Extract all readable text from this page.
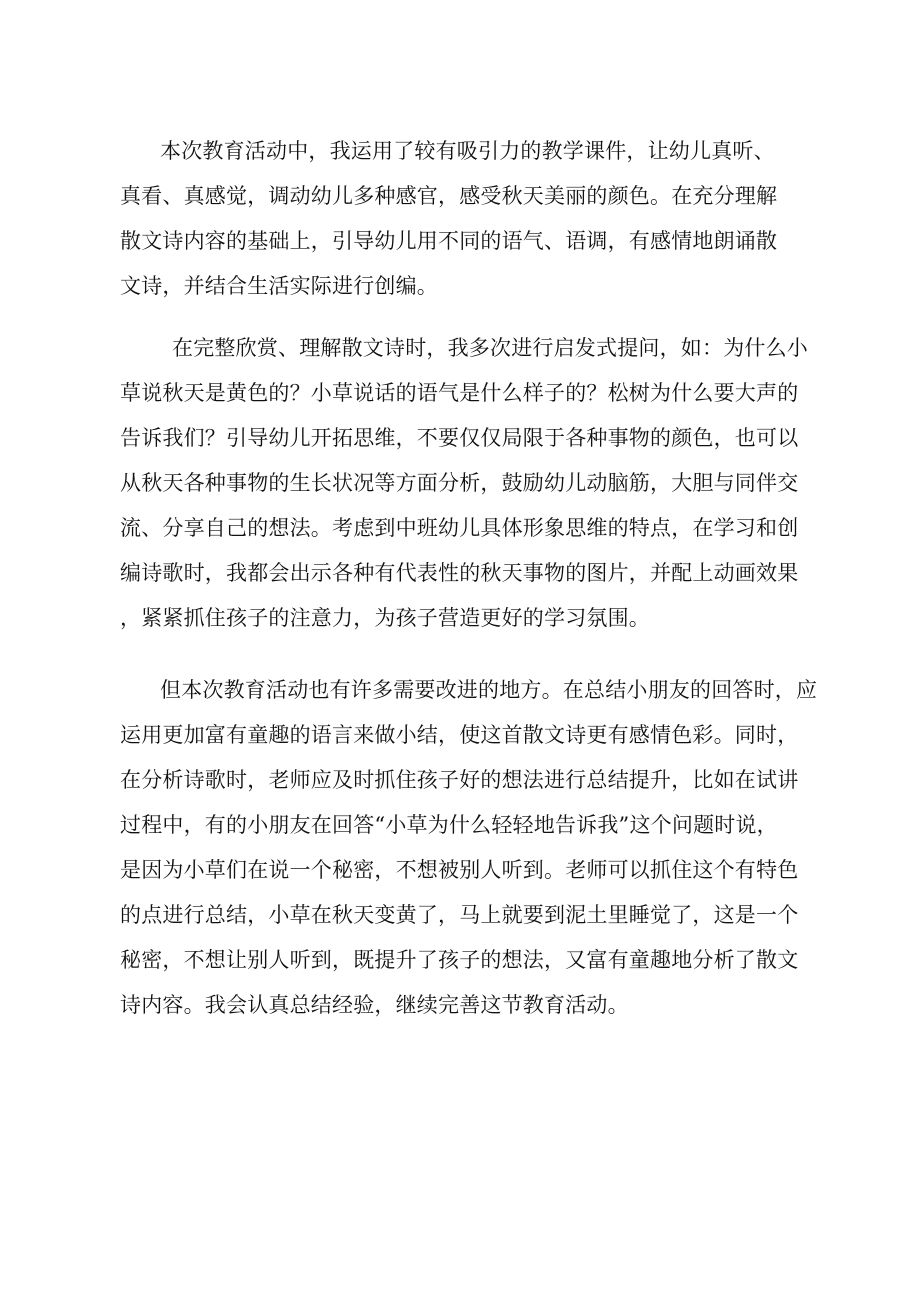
本次教育活动中，我运用了较有吸引力的教学课件，让幼儿真听、
真看、真感觉，调动幼儿多种感官，感受秋天美丽的颜色。在充分理解
散文诗内容的基础上，引导幼儿用不同的语气、语调，有感情地朗诵散
文诗，并结合生活实际进行创编。
在完整欣赏、理解散文诗时，我多次进行启发式提问，如：为什么小
草说秋天是黄色的？小草说话的语气是什么样子的？松树为什么要大声的
告诉我们？引导幼儿开拓思维，不要仅仅局限于各种事物的颜色，也可以
从秋天各种事物的生长状况等方面分析，鼓励幼儿动脑筋，大胆与同伴交
流、分享自己的想法。考虑到中班幼儿具体形象思维的特点，在学习和创
编诗歌时，我都会出示各种有代表性的秋天事物的图片，并配上动画效果
，紧紧抓住孩子的注意力，为孩子营造更好的学习氛围。
但本次教育活动也有许多需要改进的地方。在总结小朋友的回答时，应
运用更加富有童趣的语言来做小结，使这首散文诗更有感情色彩。同时，
在分析诗歌时，老师应及时抓住孩子好的想法进行总结提升，比如在试讲
过程中，有的小朋友在回答“小草为什么轻轻地告诉我”这个问题时说，
是因为小草们在说一个秘密，不想被别人听到。老师可以抓住这个有特色
的点进行总结，小草在秋天变黄了，马上就要到泥土里睡觉了，这是一个
秘密，不想让别人听到，既提升了孩子的想法，又富有童趣地分析了散文
诗内容。我会认真总结经验，继续完善这节教育活动。
